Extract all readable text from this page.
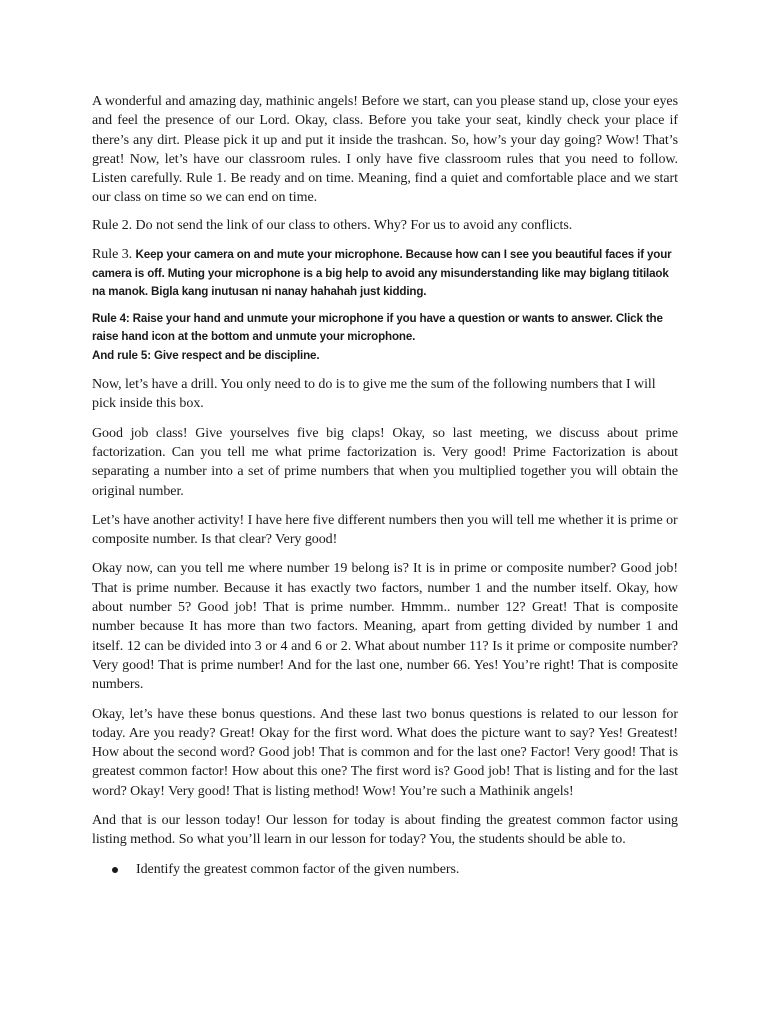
A wonderful and amazing day, mathinic angels! Before we start, can you please stand up, close your eyes and feel the presence of our Lord. Okay, class. Before you take your seat, kindly check your place if there’s any dirt. Please pick it up and put it inside the trashcan. So, how’s your day going? Wow! That’s great! Now, let’s have our classroom rules. I only have five classroom rules that you need to follow. Listen carefully. Rule 1. Be ready and on time. Meaning, find a quiet and comfortable place and we start our class on time so we can end on time.

Rule 2. Do not send the link of our class to others. Why? For us to avoid any conflicts.

Rule 3. Keep your camera on and mute your microphone. Because how can I see you beautiful faces if your camera is off. Muting your microphone is a big help to avoid any misunderstanding like may biglang titilaok na manok. Bigla kang inutusan ni nanay hahahah just kidding.

Rule 4: Raise your hand and unmute your microphone if you have a question or wants to answer. Click the raise hand icon at the bottom and unmute your microphone.
And rule 5: Give respect and be discipline.

Now, let’s have a drill. You only need to do is to give me the sum of the following numbers that I will pick inside this box.

Good job class! Give yourselves five big claps! Okay, so last meeting, we discuss about prime factorization. Can you tell me what prime factorization is. Very good! Prime Factorization is about separating a number into a set of prime numbers that when you multiplied together you will obtain the original number.

Let’s have another activity! I have here five different numbers then you will tell me whether it is prime or composite number. Is that clear? Very good!

Okay now, can you tell me where number 19 belong is? It is in prime or composite number? Good job! That is prime number. Because it has exactly two factors, number 1 and the number itself. Okay, how about number 5? Good job! That is prime number. Hmmm.. number 12? Great! That is composite number because It has more than two factors. Meaning, apart from getting divided by number 1 and itself. 12 can be divided into 3 or 4 and 6 or 2. What about number 11? Is it prime or composite number? Very good! That is prime number! And for the last one, number 66. Yes! You’re right! That is composite numbers.

Okay, let’s have these bonus questions. And these last two bonus questions is related to our lesson for today. Are you ready? Great! Okay for the first word. What does the picture want to say? Yes! Greatest! How about the second word? Good job! That is common and for the last one? Factor! Very good! That is greatest common factor! How about this one? The first word is? Good job! That is listing and for the last word? Okay! Very good! That is listing method! Wow! You’re such a Mathinik angels!

And that is our lesson today! Our lesson for today is about finding the greatest common factor using listing method. So what you’ll learn in our lesson for today? You, the students should be able to.

Identify the greatest common factor of the given numbers.
